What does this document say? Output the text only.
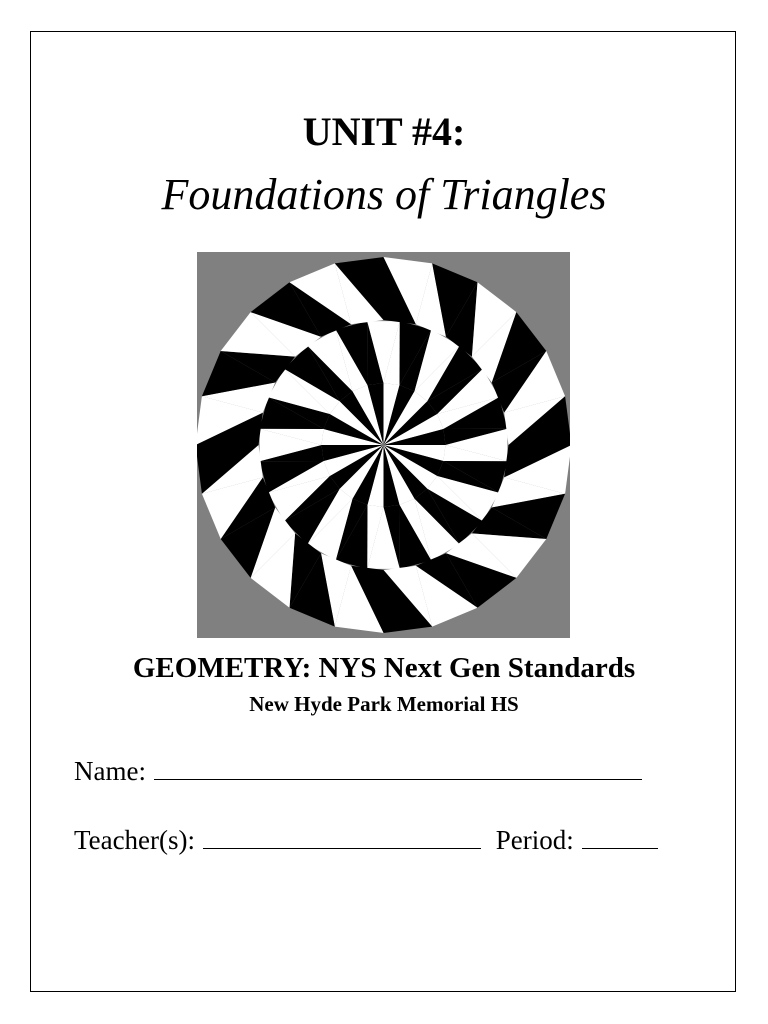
UNIT #4:
Foundations of Triangles
GEOMETRY: NYS Next Gen Standards
New Hyde Park Memorial HS
Name:
Teacher(s):	Period:
